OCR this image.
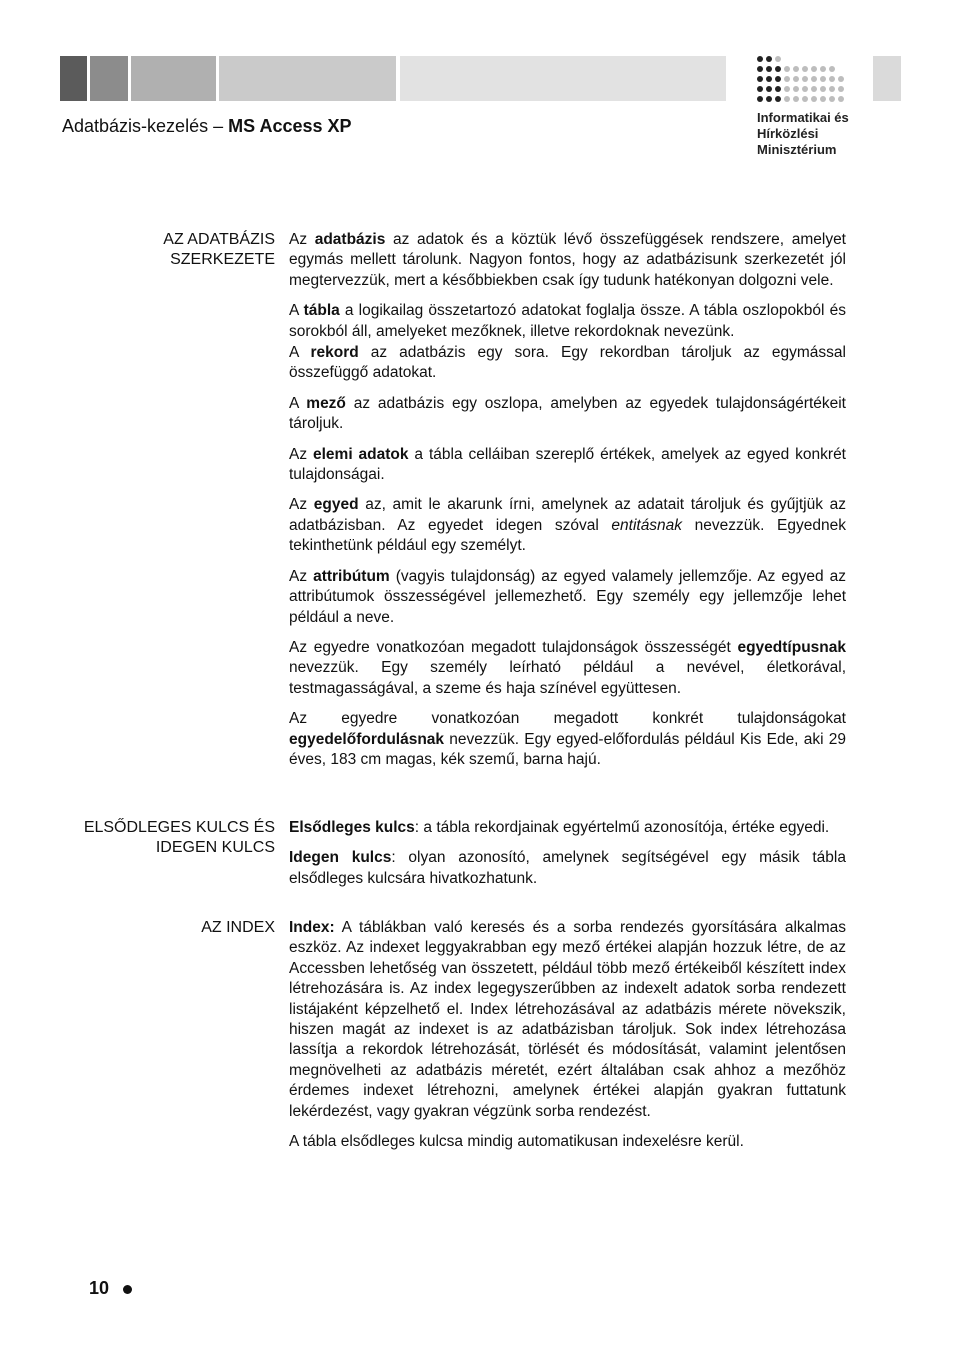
Adatbázis-kezelés – MS Access XP	Informatikai és
Hírközlési
Minisztérium
AZ ADATBÁZIS
SZERKEZETE
ELSŐDLEGES KULCS ÉS
IDEGEN KULCS
AZ INDEX

Az adatbázis az adatok és a köztük lévő összefüggések rendszere, amelyet egymás mellett tárolunk. Nagyon fontos, hogy az adatbázisunk szerkezetét jól megtervezzük, mert a későbbiekben csak így tudunk hatékonyan dolgozni vele.

A tábla a logikailag összetartozó adatokat foglalja össze. A tábla oszlopokból és sorokból áll, amelyeket mezőknek, illetve rekordoknak nevezünk.

A rekord az adatbázis egy sora. Egy rekordban tároljuk az egymással összefüggő adatokat.

A mező az adatbázis egy oszlopa, amelyben az egyedek tulajdonságértékeit tároljuk.

Az elemi adatok a tábla celláiban szereplő értékek, amelyek az egyed konkrét tulajdonságai.

Az egyed az, amit le akarunk írni, amelynek az adatait tároljuk és gyűjtjük az adatbázisban. Az egyedet idegen szóval entitásnak nevezzük. Egyednek tekinthetünk például egy személyt.

Az attribútum (vagyis tulajdonság) az egyed valamely jellemzője. Az egyed az attribútumok összességével jellemezhető. Egy személy egy jellemzője lehet például a neve.

Az egyedre vonatkozóan megadott tulajdonságok összességét egyedtípusnak nevezzük. Egy személy leírható például a nevével, életkorával, testmagasságával, a szeme és haja színével együttesen.

Az egyedre vonatkozóan megadott konkrét tulajdonságokat egyedelőfordulásnak nevezzük. Egy egyed-előfordulás például Kis Ede, aki 29 éves, 183 cm magas, kék szemű, barna hajú.

Elsődleges kulcs: a tábla rekordjainak egyértelmű azonosítója, értéke egyedi.

Idegen kulcs: olyan azonosító, amelynek segítségével egy másik tábla elsődleges kulcsára hivatkozhatunk.

Index: A táblákban való keresés és a sorba rendezés gyorsítására alkalmas eszköz. Az indexet leggyakrabban egy mező értékei alapján hozzuk létre, de az Accessben lehetőség van összetett, például több mező értékeiből készített index létrehozására is. Az index legegyszerűbben az indexelt adatok sorba rendezett listájaként képzelhető el. Index létrehozásával az adatbázis mérete növekszik, hiszen magát az indexet is az adatbázisban tároljuk. Sok index létrehozása lassítja a rekordok létrehozását, törlését és módosítását, valamint jelentősen megnövelheti az adatbázis méretét, ezért általában csak ahhoz a mezőhöz érdemes indexet létrehozni, amelynek értékei alapján gyakran futtatunk lekérdezést, vagy gyakran végzünk sorba rendezést.

A tábla elsődleges kulcsa mindig automatikusan indexelésre kerül.

10
